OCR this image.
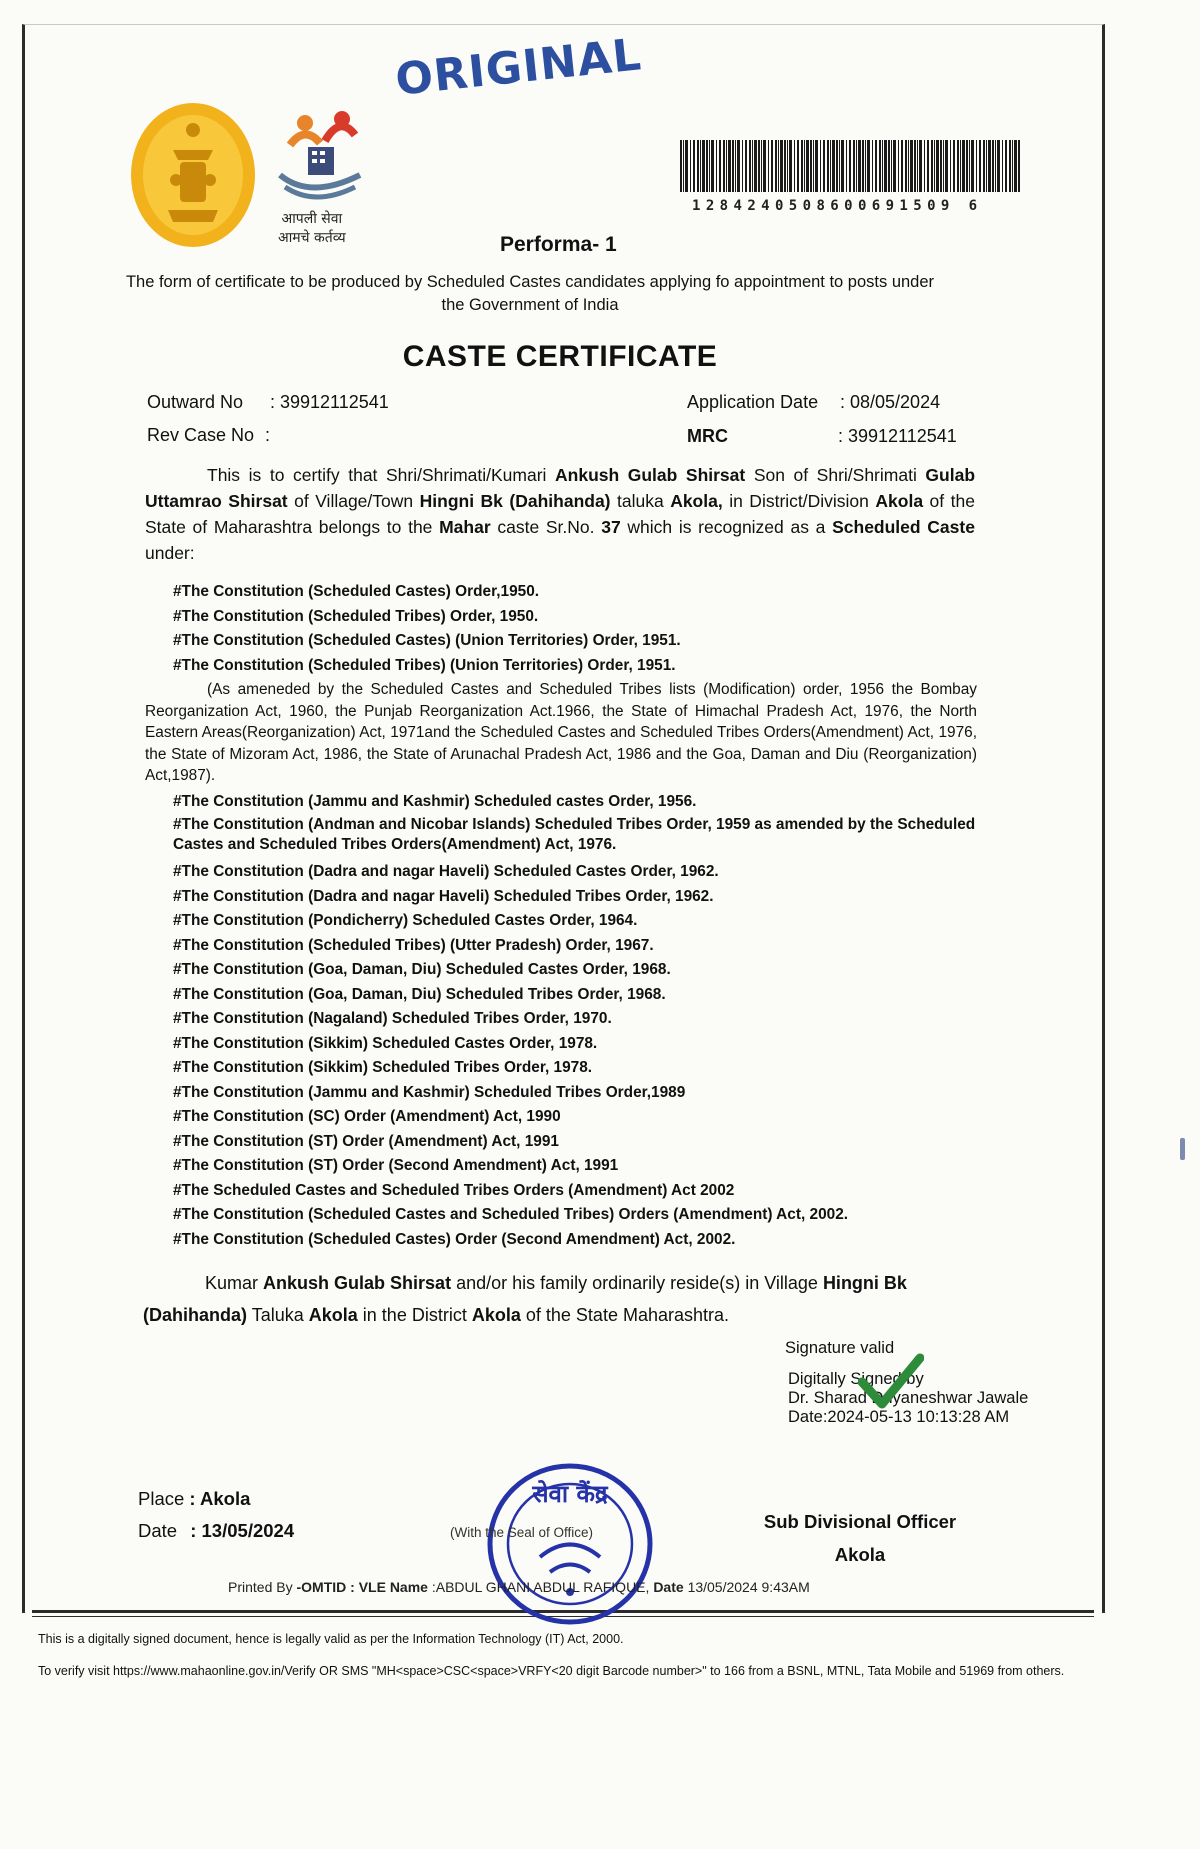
ORIGINAL
आपली सेवा
आमचे कर्तव्य
1284240508600691509 6
Performa- 1
The form of certificate to be produced by Scheduled Castes candidates applying fo appointment to posts under the Government of India
CASTE CERTIFICATE
Outward No : 39912112541
Rev Case No :
Application Date : 08/05/2024
MRC	: 39912112541
This is to certify that Shri/Shrimati/Kumari Ankush Gulab Shirsat Son of Shri/Shrimati Gulab Uttamrao Shirsat of Village/Town Hingni Bk (Dahihanda) taluka Akola, in District/Division Akola of the State of Maharashtra belongs to the Mahar caste Sr.No. 37 which is recognized as a Scheduled Caste under:
#The Constitution (Scheduled Castes) Order,1950.
#The Constitution (Scheduled Tribes) Order, 1950.
#The Constitution (Scheduled Castes) (Union Territories) Order, 1951.
#The Constitution (Scheduled Tribes) (Union Territories) Order, 1951.
(As ameneded by the Scheduled Castes and Scheduled Tribes lists (Modification) order, 1956 the Bombay Reorganization Act, 1960, the Punjab Reorganization Act.1966, the State of Himachal Pradesh Act, 1976, the North Eastern Areas(Reorganization) Act, 1971and the Scheduled Castes and Scheduled Tribes Orders(Amendment) Act, 1976, the State of Mizoram Act, 1986, the State of Arunachal Pradesh Act, 1986 and the Goa, Daman and Diu (Reorganization) Act,1987).
#The Constitution (Jammu and Kashmir) Scheduled castes Order, 1956.
#The Constitution (Andman and Nicobar Islands) Scheduled Tribes Order, 1959 as amended by the Scheduled Castes and Scheduled Tribes Orders(Amendment) Act, 1976.
#The Constitution (Dadra and nagar Haveli) Scheduled Castes Order, 1962.
#The Constitution (Dadra and nagar Haveli) Scheduled Tribes Order, 1962.
#The Constitution (Pondicherry) Scheduled Castes Order, 1964.
#The Constitution (Scheduled Tribes) (Utter Pradesh) Order, 1967.
#The Constitution (Goa, Daman, Diu) Scheduled Castes Order, 1968.
#The Constitution (Goa, Daman, Diu) Scheduled Tribes Order, 1968.
#The Constitution (Nagaland) Scheduled Tribes Order, 1970.
#The Constitution (Sikkim) Scheduled Castes Order, 1978.
#The Constitution (Sikkim) Scheduled Tribes Order, 1978.
#The Constitution (Jammu and Kashmir) Scheduled Tribes Order,1989
#The Constitution (SC) Order (Amendment) Act, 1990
#The Constitution (ST) Order (Amendment) Act, 1991
#The Constitution (ST) Order (Second Amendment) Act, 1991
#The Scheduled Castes and Scheduled Tribes Orders (Amendment) Act 2002
#The Constitution (Scheduled Castes and Scheduled Tribes) Orders (Amendment) Act, 2002.
#The Constitution (Scheduled Castes) Order (Second Amendment) Act, 2002.
Kumar Ankush Gulab Shirsat and/or his family ordinarily reside(s) in Village Hingni Bk (Dahihanda) Taluka Akola in the District Akola of the State Maharashtra.
Signature valid
Digitally Signed by
Dr. Sharad Dnyaneshwar Jawale
Date:2024-05-13 10:13:28 AM
Place : Akola
Date : 13/05/2024
सेवा केंद्र
(With the Seal of Office)
Sub Divisional Officer
Akola
Printed By -OMTID : VLE Name :ABDUL GHANI ABDUL RAFIQUE, Date 13/05/2024 9:43AM
This is a digitally signed document, hence is legally valid as per the Information Technology (IT) Act, 2000.
To verify visit https://www.mahaonline.gov.in/Verify OR SMS "MH<space>CSC<space>VRFY<20 digit Barcode number>" to 166 from a BSNL, MTNL, Tata Mobile and 51969 from others.
